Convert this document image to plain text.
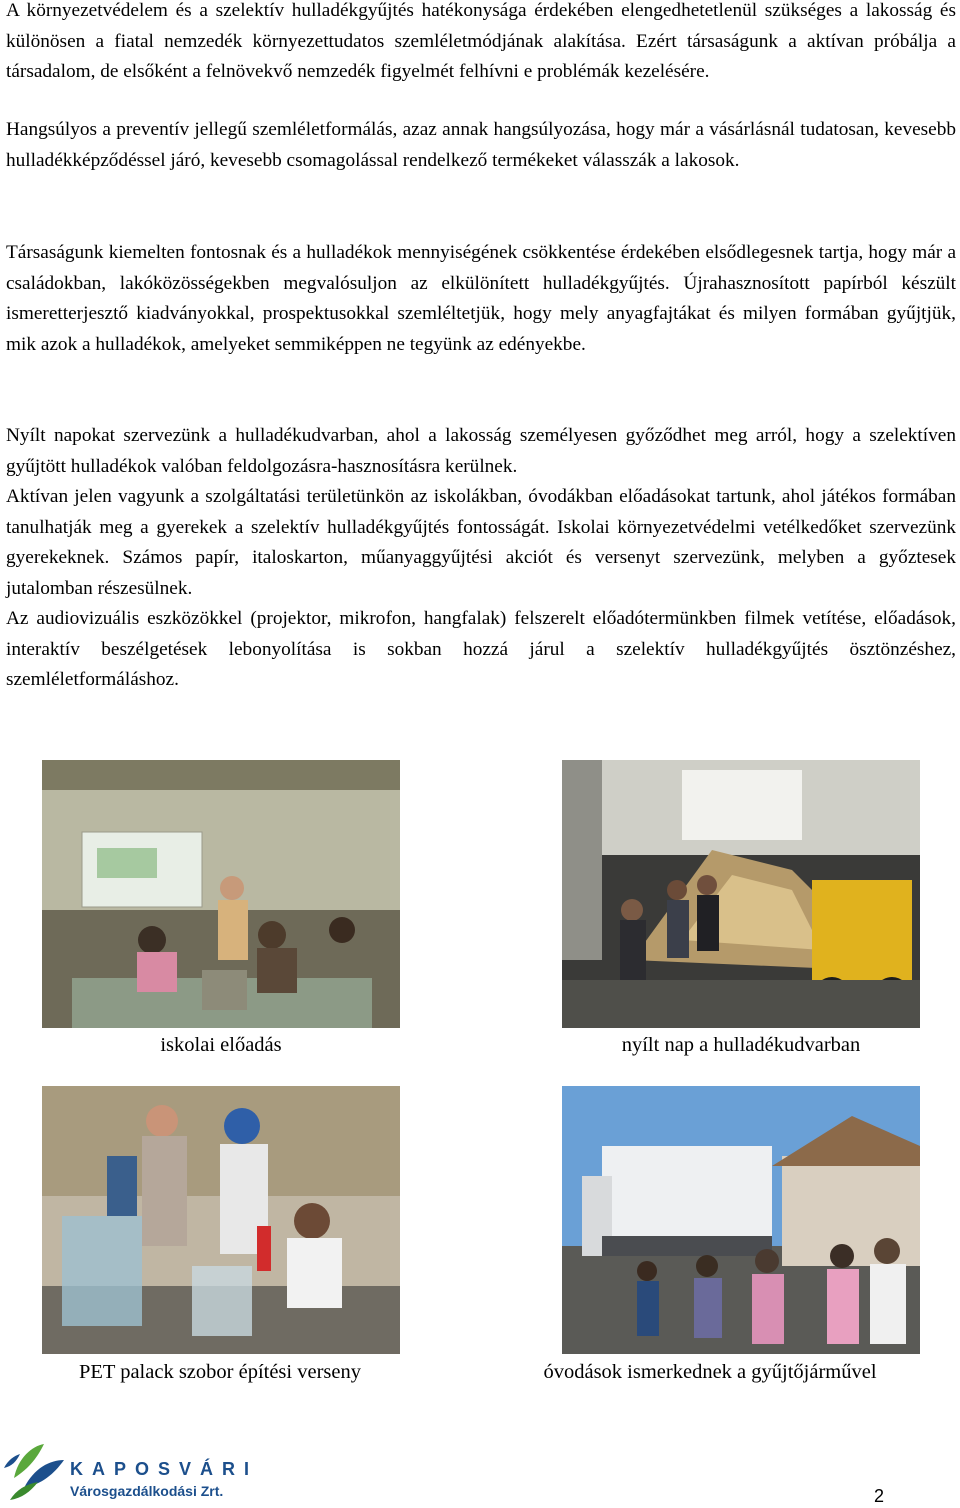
A környezetvédelem és a szelektív hulladékgyűjtés hatékonysága érdekében elengedhetetlenül szükséges a lakosság és különösen a fiatal nemzedék környezettudatos szemléletmódjának alakítása. Ezért társaságunk a aktívan próbálja a társadalom, de elsőként a felnövekvő nemzedék figyelmét felhívni e problémák kezelésére.

Hangsúlyos a preventív jellegű szemléletformálás, azaz annak hangsúlyozása, hogy már a vásárlásnál tudatosan, kevesebb hulladékképződéssel járó, kevesebb csomagolással rendelkező termékeket válasszák a lakosok.

Társaságunk kiemelten fontosnak és a hulladékok mennyiségének csökkentése érdekében elsődlegesnek tartja, hogy már a családokban, lakóközösségekben megvalósuljon az elkülönített hulladékgyűjtés. Újrahasznosított papírból készült ismeretterjesztő kiadványokkal, prospektusokkal szemléltetjük, hogy mely anyagfajtákat és milyen formában gyűjtjük, mik azok a hulladékok, amelyeket semmiképpen ne tegyünk az edényekbe.

Nyílt napokat szervezünk a hulladékudvarban, ahol a lakosság személyesen győződhet meg arról, hogy a szelektíven gyűjtött hulladékok valóban feldolgozásra-hasznosításra kerülnek.

Aktívan jelen vagyunk a szolgáltatási területünkön az iskolákban, óvodákban előadásokat tartunk, ahol játékos formában tanulhatják meg a gyerekek a szelektív hulladékgyűjtés fontosságát. Iskolai környezetvédelmi vetélkedőket szervezünk gyerekeknek. Számos papír, italoskarton, műanyaggyűjtési akciót és versenyt szervezünk, melyben a győztesek jutalomban részesülnek.

Az audiovizuális eszközökkel (projektor, mikrofon, hangfalak) felszerelt előadótermünkben filmek vetítése, előadások, interaktív beszélgetések lebonyolítása is sokban hozzá járul a szelektív hulladékgyűjtés ösztönzéshez, szemléletformáláshoz.

iskolai előadás	nyílt nap a hulladékudvarban
PET palack szobor építési verseny	óvodások ismerkednek a gyűjtőjárművel
KAPOSVÁRI
Városgazdálkodási Zrt.	2
